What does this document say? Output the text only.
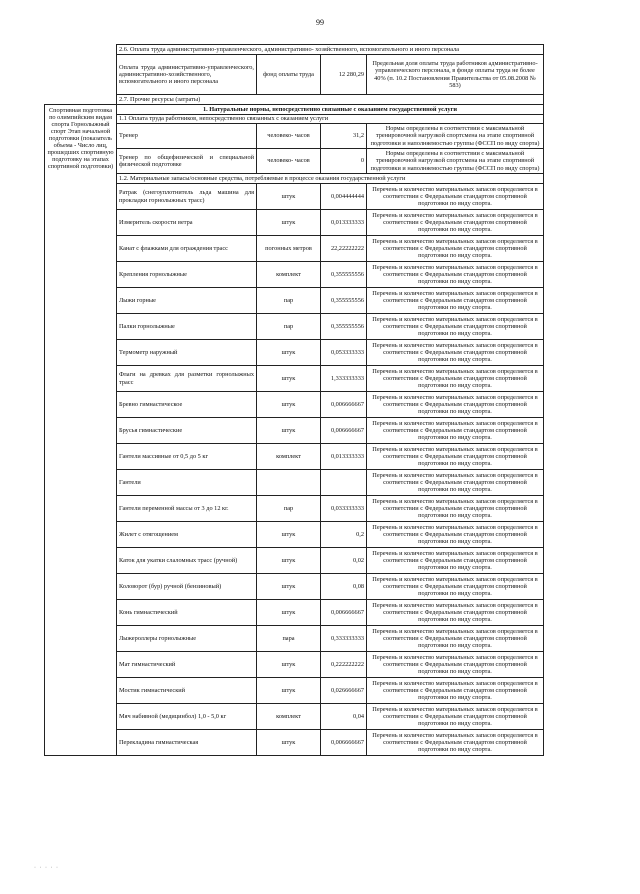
99
	2.6. Оплата труда административно-управленческого, административно- хозяйственного, вспомогательного и иного персонала			
	Оплата труда административно-управленческого, административно-хозяйственного, вспомогательного и иного персонала	фонд оплаты труда	12 280,29	Предельная доля оплаты труда работников административно- управленческого персонала, в фонде оплаты труда не более 40% (п. 10.2 Постановления Правительства от 05.08.2008 № 583)
	2.7. Прочие ресурсы (затраты)			
Спортивная подготовка по олимпийским видам спорта Горнолыжный спорт Этап начальной подготовки (показатель объема - Число лиц, прошедших спортивную подготовку на этапах спортивной подготовки)	1. Натуральные нормы, непосредственно связанные с оказанием государственной услуги			
	1.1 Оплата труда работников, непосредственно связанных с оказанием услуги			
	Тренер	человеко- часов	31,2	Нормы определены в соответствии с максимальной тренировочной нагрузкой спортсмена на этапе спортивной подготовки и наполняемостью группы (ФССП по виду спорта)
	Тренер по общефизической и специальной физической подготовке	человеко- часов	0	Нормы определены в соответствии с максимальной тренировочной нагрузкой спортсмена на этапе спортивной подготовки и наполняемостью группы (ФССП по виду спорта)
	1.2. Материальные запасы/основные средства, потребляемые в процессе оказания государственной услуги			
	Ратрак (снегоуплотнитель льда машина для прокладки горнолыжных трасс)	штук	0,004444444	Перечень и количество материальных запасов определяется в соответствии с Федеральным стандартом спортивной подготовки по виду спорта.
	Измеритель скорости ветра	штук	0,013333333	Перечень и количество материальных запасов определяется в соответствии с Федеральным стандартом спортивной подготовки по виду спорта.
	Канат с флажками для ограждения трасс	погонных метров	22,22222222	Перечень и количество материальных запасов определяется в соответствии с Федеральным стандартом спортивной подготовки по виду спорта.
	Крепления горнолыжные	комплект	0,355555556	Перечень и количество материальных запасов определяется в соответствии с Федеральным стандартом спортивной подготовки по виду спорта.
	Лыжи горные	пар	0,355555556	Перечень и количество материальных запасов определяется в соответствии с Федеральным стандартом спортивной подготовки по виду спорта.
	Палки горнолыжные	пар	0,355555556	Перечень и количество материальных запасов определяется в соответствии с Федеральным стандартом спортивной подготовки по виду спорта.
	Термометр наружный	штук	0,053333333	Перечень и количество материальных запасов определяется в соответствии с Федеральным стандартом спортивной подготовки по виду спорта.
	Флаги на древках для разметки горнолыжных трасс	штук	1,333333333	Перечень и количество материальных запасов определяется в соответствии с Федеральным стандартом спортивной подготовки по виду спорта.
	Бревно гимнастическое	штук	0,006666667	Перечень и количество материальных запасов определяется в соответствии с Федеральным стандартом спортивной подготовки по виду спорта.
	Брусья гимнастические	штук	0,006666667	Перечень и количество материальных запасов определяется в соответствии с Федеральным стандартом спортивной подготовки по виду спорта.
	Гантели массивные от 0,5 до 5 кг	комплект	0,013333333	Перечень и количество материальных запасов определяется в соответствии с Федеральным стандартом спортивной подготовки по виду спорта.
	Гантели			Перечень и количество материальных запасов определяется в соответствии с Федеральным стандартом спортивной подготовки по виду спорта.
	Гантели переменной массы от 3 до 12 кг.	пар	0,033333333	Перечень и количество материальных запасов определяется в соответствии с Федеральным стандартом спортивной подготовки по виду спорта.
	Жилет с отягощением	штук	0,2	Перечень и количество материальных запасов определяется в соответствии с Федеральным стандартом спортивной подготовки по виду спорта.
	Каток для укатки слаломных трасс (ручной)	штук	0,02	Перечень и количество материальных запасов определяется в соответствии с Федеральным стандартом спортивной подготовки по виду спорта.
	Коловорот (бур) ручной (бензиновый)	штук	0,08	Перечень и количество материальных запасов определяется в соответствии с Федеральным стандартом спортивной подготовки по виду спорта.
	Конь гимнастический	штук	0,006666667	Перечень и количество материальных запасов определяется в соответствии с Федеральным стандартом спортивной подготовки по виду спорта.
	Лыжероллеры горнолыжные	пара	0,333333333	Перечень и количество материальных запасов определяется в соответствии с Федеральным стандартом спортивной подготовки по виду спорта.
	Мат гимнастический	штук	0,222222222	Перечень и количество материальных запасов определяется в соответствии с Федеральным стандартом спортивной подготовки по виду спорта.
	Мостик гимнастический	штук	0,026666667	Перечень и количество материальных запасов определяется в соответствии с Федеральным стандартом спортивной подготовки по виду спорта.
	Мяч набивной (медицинбол) 1,0 - 5,0 кг	комплект	0,04	Перечень и количество материальных запасов определяется в соответствии с Федеральным стандартом спортивной подготовки по виду спорта.
	Перекладина гимнастическая	штук	0,006666667	Перечень и количество материальных запасов определяется в соответствии с Федеральным стандартом спортивной подготовки по виду спорта.
· · · · ·
